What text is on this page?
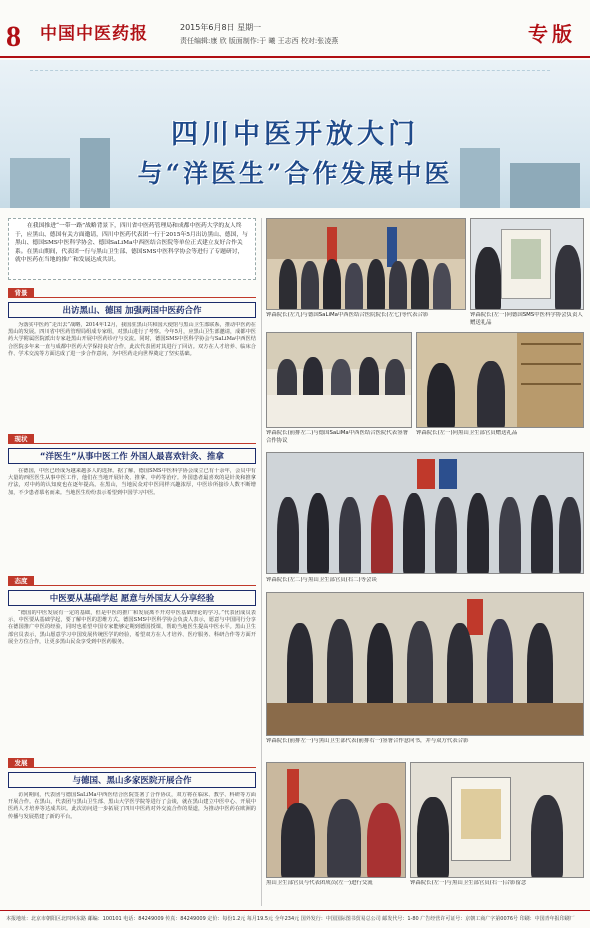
8 中国中医药报	2015年6月8日 星期一
责任编辑:康 欣 版面制作:于 曦 王志西 校对:张凌燕	专版
四川中医开放大门
与“洋医生”合作发展中医
在我国推进“一带一路”战略背景下，四川省中医药管理局和成都中医药大学的友人终于，应黑山、德国有关方面邀请，四川中医药代表团一行于2015年5月出访黑山、德国，与黑山、德国SMS中医科学协会、德国SaLiMa中西医结合医院等单位正式建立友好合作关系。在黑山期间，代表团一行与黑山卫生部、德国SMS中医科学协会等进行了专题研讨，就中医药在当地的推广和发展达成共识。
背景
出访黑山、德国 加强两国中医药合作
为落实中医药“走出去”战略，2014年12月，我国驻黑山共和国大使馆与黑山卫生部联系，推动中医药在黑山的发展。四川省中医药管理局组成专家组，对黑山进行了考察。今年5月，应黑山卫生部邀请，成都中医药大学附属医院派出专家赴黑山开展中医药诊疗与交流。同时，德国SMS中医科学协会与SaLiMa中西医结合医院多年来一直与成都中医药大学保持良好合作，此次代表团对其进行了回访。双方在人才培养、临床合作、学术交流等方面达成了进一步合作意向，为中医药走向世界奠定了坚实基础。
现状
“洋医生”从事中医工作 外国人最喜欢针灸、推拿
在德国，中医已经成为越来越多人的选择。据了解，德国SMS中医科学协会成立已有十余年，会员中有大量的西医医生从事中医工作，他们在当地开展针灸、推拿、中药等治疗。外国患者最喜欢的是针灸和推拿疗法，对中药的认知度也在逐年提高。在黑山，当地民众对中医同样兴趣浓厚，中医诊所接诊人数不断增加，不少患者慕名而来。当地医生纷纷表示希望到中国学习中医。
态度
中医要从基础学起 愿意与外国友人分享经验
“德国的中医发展有一定的基础，但是中医的推广和发展离不开对中医基础理论的学习。”代表团成员表示，中医要从基础学起，要了解中医的思维方式。德国SMS中医科学协会负责人表示，愿意与中国同行分享在德国推广中医的经验，同时也希望中国专家能够定期到德国授课，帮助当地医生提高中医水平。黑山卫生部官员表示，黑山愿意学习中国发展传统医学的经验，希望双方在人才培养、医疗服务、科研合作等方面开展全方位合作，让更多黑山民众享受到中医药服务。
发展
与德国、黑山多家医院开展合作
访问期间，代表团与德国SaLiMa中西医结合医院签署了合作协议，双方将在临床、教学、科研等方面开展合作。在黑山，代表团与黑山卫生部、黑山大学医学院等进行了会谈，就在黑山建立中医中心、开展中医药人才培养等达成共识。此次访问进一步拓展了四川中医药对外交流合作的渠道，为推动中医药在欧洲的传播与发展搭建了新的平台。
钟森院长(左九)与德国SaLiMa中西医结合医院院长(左七)等代表合影	钟森院长(左一)向德国SMS中医科学协会负责人赠送礼品
钟森院长(前排左二)与德国SaLiMa中西医结合医院代表签署合作协议
钟森院长(左一)向黑山卫生部官员赠送礼品
钟森院长(左二)与黑山卫生部官员(右二)等会谈
钟森院长(前排左一)与黑山卫生部代表(前排右一)签署合作意向书，并与双方代表合影
黑山卫生部官员与代表团成员(左一)进行交流	钟森院长(左一)与黑山卫生部官员(右一)合影留念
本报地址：北京市朝阳区北四环东路 邮编：100101 电话：84249009 传真：84249009 定价：每份1.2元 每月19.5元 全年234元 国外发行：中国国际图书贸易总公司 邮发代号：1-80 广告经营许可证号：京朝工商广字第0076号 印刷：中国青年报印刷厂
